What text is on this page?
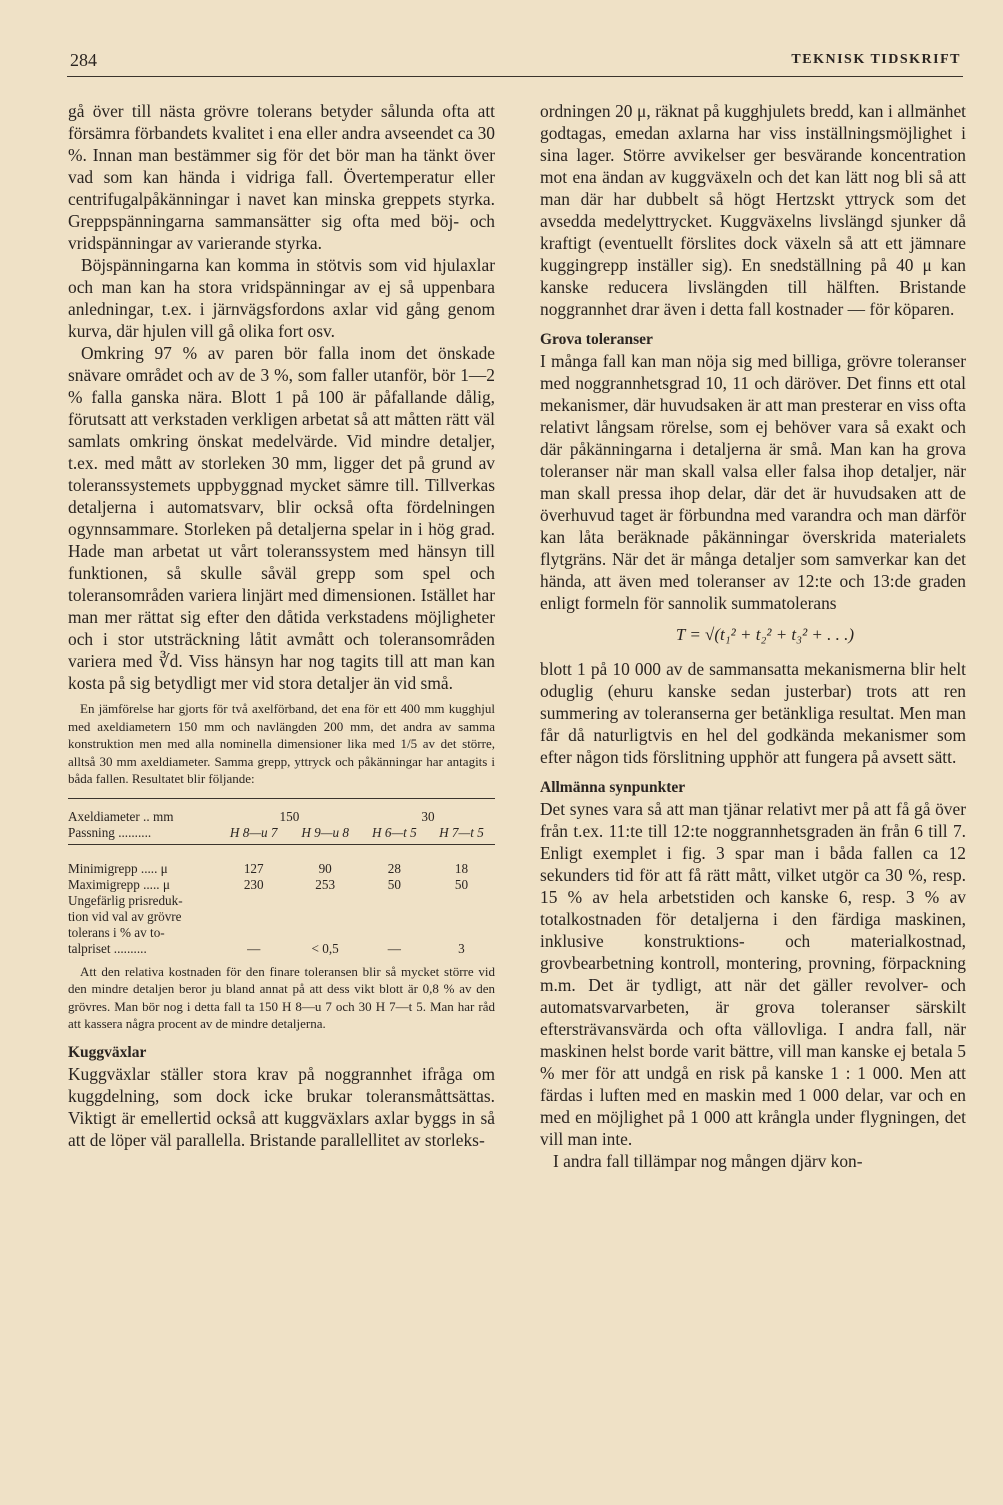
284	TEKNISK TIDSKRIFT

gå över till nästa grövre tolerans betyder sålunda ofta att försämra förbandets kvalitet i ena eller andra avseendet ca 30 %. Innan man bestämmer sig för det bör man ha tänkt över vad som kan hända i vidriga fall. Övertemperatur eller centrifugalpåkänningar i navet kan minska greppets styrka. Greppspänningarna sammansätter sig ofta med böj- och vridspänningar av varierande styrka.

Böjspänningarna kan komma in stötvis som vid hjulaxlar och man kan ha stora vridspänningar av ej så uppenbara anledningar, t.ex. i järnvägsfordons axlar vid gång genom kurva, där hjulen vill gå olika fort osv.

Omkring 97 % av paren bör falla inom det önskade snävare området och av de 3 %, som faller utanför, bör 1—2 % falla ganska nära. Blott 1 på 100 är påfallande dålig, förutsatt att verkstaden verkligen arbetat så att måtten rätt väl samlats omkring önskat medelvärde. Vid mindre detaljer, t.ex. med mått av storleken 30 mm, ligger det på grund av toleranssystemets uppbyggnad mycket sämre till. Tillverkas detaljerna i automatsvarv, blir också ofta fördelningen ogynnsammare. Storleken på detaljerna spelar in i hög grad. Hade man arbetat ut vårt toleranssystem med hänsyn till funktionen, så skulle såväl grepp som spel och toleransområden variera linjärt med dimensionen. Istället har man mer rättat sig efter den dåtida verkstadens möjligheter och i stor utsträckning låtit avmått och toleransområden variera med ∛d. Viss hänsyn har nog tagits till att man kan kosta på sig betydligt mer vid stora detaljer än vid små.

En jämförelse har gjorts för två axelförband, det ena för ett 400 mm kugghjul med axeldiametern 150 mm och navlängden 200 mm, det andra av samma konstruktion men med alla nominella dimensioner lika med 1/5 av det större, alltså 30 mm axeldiameter. Samma grepp, yttryck och påkänningar har antagits i båda fallen. Resultatet blir följande:

Axeldiameter .. mm	150		30	
Passning ..........	H 8—u 7	H 9—u 8	H 6—t 5	H 7—t 5

Minimigrepp ..... μ	127	90	28	18
Maximigrepp ..... μ	230	253	50	50

Ungefärlig prisreduk-
tion vid val av grövre
tolerans i % av to-
talpriset ..........	—	< 0,5	—	3

Att den relativa kostnaden för den finare toleransen blir så mycket större vid den mindre detaljen beror ju bland annat på att dess vikt blott är 0,8 % av den grövres. Man bör nog i detta fall ta 150 H 8—u 7 och 30 H 7—t 5. Man har råd att kassera några procent av de mindre detaljerna.

Kuggväxlar

Kuggväxlar ställer stora krav på noggrannhet ifråga om kuggdelning, som dock icke brukar toleransmåttsättas. Viktigt är emellertid också att kuggväxlars axlar byggs in så att de löper väl parallella. Bristande parallellitet av storleks-

ordningen 20 μ, räknat på kugghjulets bredd, kan i allmänhet godtagas, emedan axlarna har viss inställningsmöjlighet i sina lager. Större avvikelser ger besvärande koncentration mot ena ändan av kuggväxeln och det kan lätt nog bli så att man där har dubbelt så högt Hertzskt yttryck som det avsedda medelyttrycket. Kuggväxelns livslängd sjunker då kraftigt (eventuellt förslites dock växeln så att ett jämnare kuggingrepp inställer sig). En snedställning på 40 μ kan kanske reducera livslängden till hälften. Bristande noggrannhet drar även i detta fall kostnader — för köparen.

Grova toleranser

I många fall kan man nöja sig med billiga, grövre toleranser med noggrannhetsgrad 10, 11 och däröver. Det finns ett otal mekanismer, där huvudsaken är att man presterar en viss ofta relativt långsam rörelse, som ej behöver vara så exakt och där påkänningarna i detaljerna är små. Man kan ha grova toleranser när man skall valsa eller falsa ihop detaljer, när man skall pressa ihop delar, där det är huvudsaken att de överhuvud taget är förbundna med varandra och man därför kan låta beräknade påkänningar överskrida materialets flytgräns. När det är många detaljer som samverkar kan det hända, att även med toleranser av 12:te och 13:de graden enligt formeln för sannolik summatolerans

T = √(t₁² + t₂² + t₃² + . . .)

blott 1 på 10 000 av de sammansatta mekanismerna blir helt oduglig (ehuru kanske sedan justerbar) trots att ren summering av toleranserna ger betänkliga resultat. Men man får då naturligtvis en hel del godkända mekanismer som efter någon tids förslitning upphör att fungera på avsett sätt.

Allmänna synpunkter

Det synes vara så att man tjänar relativt mer på att få gå över från t.ex. 11:te till 12:te noggrannhetsgraden än från 6 till 7. Enligt exemplet i fig. 3 spar man i båda fallen ca 12 sekunders tid för att få rätt mått, vilket utgör ca 30 %, resp. 15 % av hela arbetstiden och kanske 6, resp. 3 % av totalkostnaden för detaljerna i den färdiga maskinen, inklusive konstruktions- och materialkostnad, grovbearbetning kontroll, montering, provning, förpackning m.m. Det är tydligt, att när det gäller revolver- och automatsvarvarbeten, är grova toleranser särskilt eftersträvansvärda och ofta vällovliga. I andra fall, när maskinen helst borde varit bättre, vill man kanske ej betala 5 % mer för att undgå en risk på kanske 1 : 1 000. Men att färdas i luften med en maskin med 1 000 delar, var och en med en möjlighet på 1 000 att krångla under flygningen, det vill man inte.

I andra fall tillämpar nog mången djärv kon-
